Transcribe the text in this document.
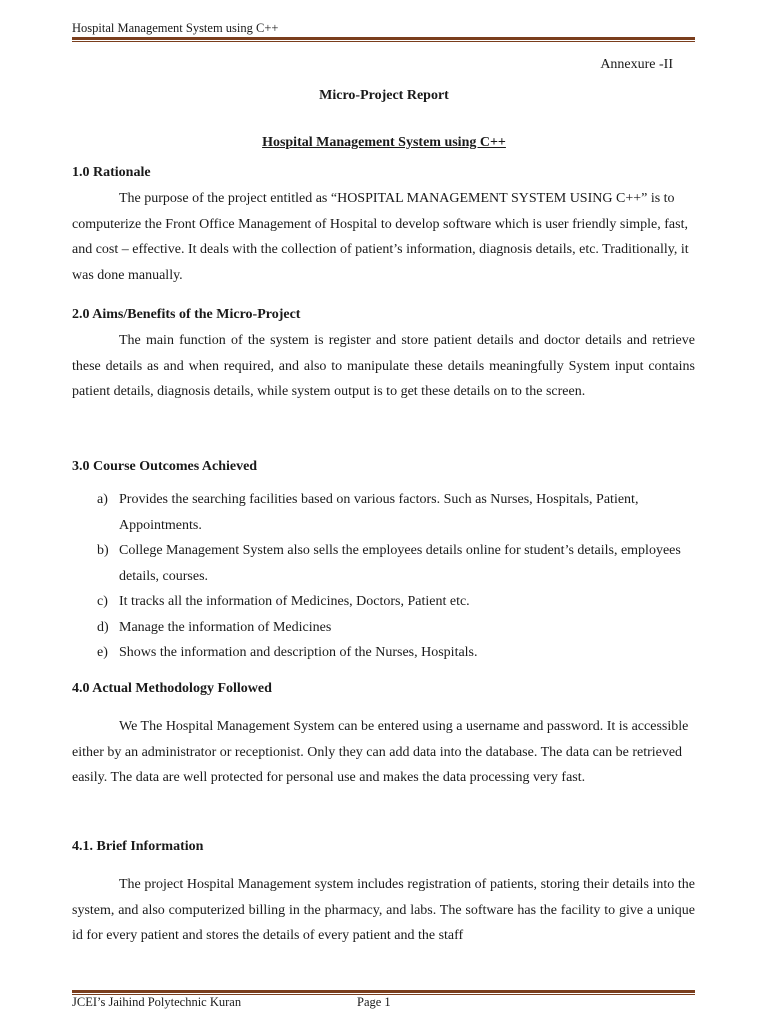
Hospital Management System using C++
Annexure -II
Micro-Project Report
Hospital Management System using C++
1.0 Rationale

The purpose of the project entitled as “HOSPITAL MANAGEMENT SYSTEM USING C++” is to computerize the Front Office Management of Hospital to develop software which is user friendly simple, fast, and cost – effective. It deals with the collection of patient’s information, diagnosis details, etc. Traditionally, it was done manually.

2.0 Aims/Benefits of the Micro-Project

The main function of the system is register and store patient details and doctor details and retrieve these details as and when required, and also to manipulate these details meaningfully System input contains patient details, diagnosis details, while system output is to get these details on to the screen.

3.0 Course Outcomes Achieved
a) Provides the searching facilities based on various factors. Such as Nurses, Hospitals, Patient, Appointments.
b) College Management System also sells the employees details online for student’s details, employees details, courses.
c) It tracks all the information of Medicines, Doctors, Patient etc.
d) Manage the information of Medicines
e) Shows the information and description of the Nurses, Hospitals.
4.0 Actual Methodology Followed

We The Hospital Management System can be entered using a username and password. It is accessible either by an administrator or receptionist. Only they can add data into the database. The data can be retrieved easily. The data are well protected for personal use and makes the data processing very fast.

4.1. Brief Information

The project Hospital Management system includes registration of patients, storing their details into the system, and also computerized billing in the pharmacy, and labs. The software has the facility to give a unique id for every patient and stores the details of every patient and the staff

JCEI’s Jaihind Polytechnic Kuran	Page 1
